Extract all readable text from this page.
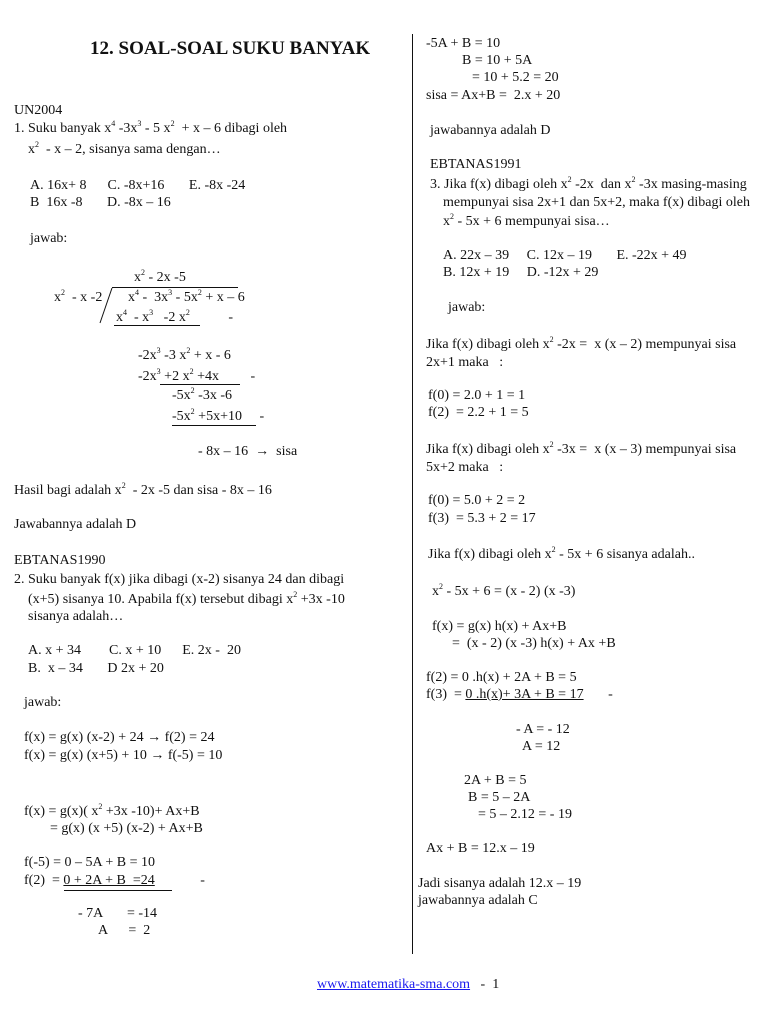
12. SOAL-SOAL SUKU BANYAK
UN2004
1. Suku banyak $x^4$ $-3x^3 - 5$ $x^2 + x - 6$ dibagi oleh
$x^2$ - x – 2, sisanya sama dengan…
A. 16x+ 8      C. -8x+16       E. -8x -24
B  16x -8       D. -8x – 16
jawab:
$x^2 - 2x$ -5
$x^2$ - x -2 $x^4 - 3x^3 - 5x^2 + x - 6$
$x^4 - x^3$ -2 $x^2$	-
$-2x^3$ -3 $x^2 + x - 6$
$-2x^3 +2$ $x^2 +4x$ -
$-5x^2$ -3x -6
$-5x^2 +5x+10$ -
- 8x – 16  →  sisa
Hasil bagi adalah $x^2 - 2x$ -5 dan sisa - 8x – 16
Jawabannya adalah D
EBTANAS1990
2. Suku banyak f(x) jika dibagi (x-2) sisanya 24 dan dibagi
(x+5) sisanya 10. Apabila f(x) tersebut dibagi $x^2 +3x$ -10
sisanya adalah…
A. x + 34        C. x + 10      E. 2x -  20
B.  x – 34       D 2x + 20
jawab:
f(x) = g(x) (x-2) + 24 → f(2) = 24
f(x) = g(x) (x+5) + 10 → f(-5) = 10
f(x) = g(x)( $x^2 +3x$ -10)+ Ax+B
= g(x) (x +5) (x-2) + Ax+B
f(-5) = 0 – 5A + B = 10
f(2)  = 0 + 2A + B  =24	-
- 7A       = -14
A      =  2
-5A + B = 10
B = 10 + 5A
= 10 + 5.2 = 20
sisa = Ax+B =  2.x + 20
jawabannya adalah D
EBTANAS1991
3. Jika f(x) dibagi oleh $x^2$ -2x  dan $x^2$ -3x masing-masing
mempunyai sisa 2x+1 dan 5x+2, maka f(x) dibagi oleh
$x^2 - 5x + 6$ mempunyai sisa…
A. 22x – 39     C. 12x – 19       E. -22x + 49
B. 12x + 19     D. -12x + 29
jawab:
Jika f(x) dibagi oleh $x^2$ -2x =  x (x – 2) mempunyai sisa
2x+1 maka   :
f(0) = 2.0 + 1 = 1
f(2)  = 2.2 + 1 = 5
Jika f(x) dibagi oleh $x^2$ -3x =  x (x – 3) mempunyai sisa
5x+2 maka   :
f(0) = 5.0 + 2 = 2
f(3)  = 5.3 + 2 = 17
Jika f(x) dibagi oleh $x^2 - 5x + 6$ sisanya adalah..
$x^2 - 5x + 6 = (x - 2)$ (x -3)
f(x) = g(x) h(x) + Ax+B
=  (x - 2) (x -3) h(x) + Ax +B
f(2) = 0 .h(x) + 2A + B = 5
f(3)  = 0 .h(x)+ 3A + B = 17 -
- A = - 12
A = 12
2A + B = 5
B = 5 – 2A
= 5 – 2.12 = - 19
Ax + B = 12.x – 19
Jadi sisanya adalah 12.x – 19
jawabannya adalah C

www.matematika-sma.com -  1
